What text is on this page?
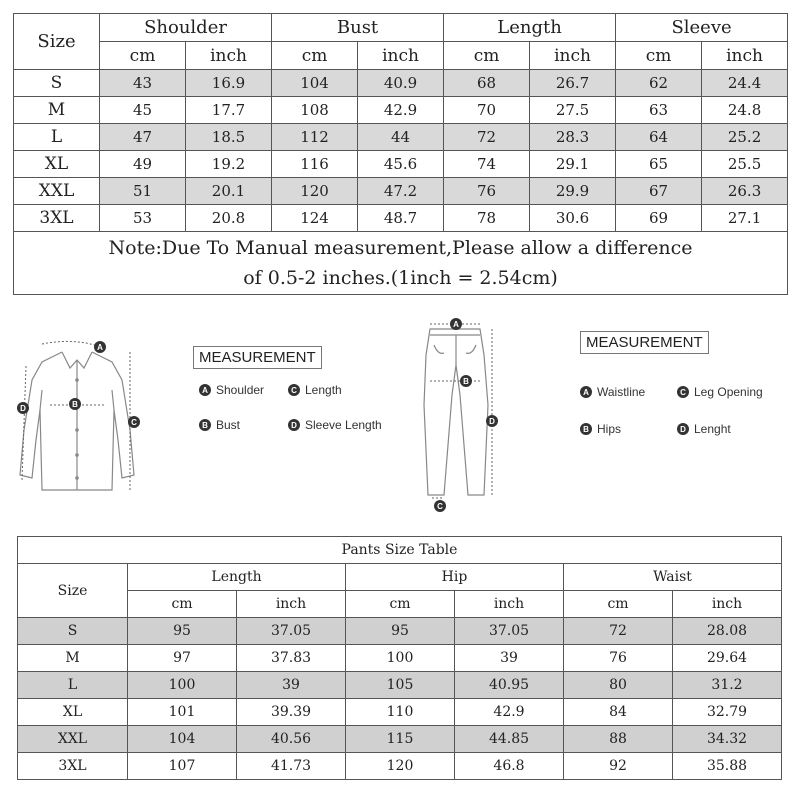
Size	Shoulder		Bust		Length		Sleeve	
	cm	inch	cm	inch	cm	inch	cm	inch
S	43	16.9	104	40.9	68	26.7	62	24.4
M	45	17.7	108	42.9	70	27.5	63	24.8
L	47	18.5	112	44	72	28.3	64	25.2
XL	49	19.2	116	45.6	74	29.1	65	25.5
XXL	51	20.1	120	47.2	76	29.9	67	26.3
3XL	53	20.8	124	48.7	78	30.6	69	27.1

Note:Due To Manual measurement,Please allow a difference
of 0.5-2 inches.(1inch = 2.54cm)								
A
B
C
D
MEASUREMENT
A Shoulder
B Bust
C Length
D Sleeve Length
A
B
C
D
MEASUREMENT
A Waistline
B Hips
C Leg Opening
D Lenght
Pants Size Table						
Size	Length		Hip		Waist	
	cm	inch	cm	inch	cm	inch
S	95	37.05	95	37.05	72	28.08
M	97	37.83	100	39	76	29.64
L	100	39	105	40.95	80	31.2
XL	101	39.39	110	42.9	84	32.79
XXL	104	40.56	115	44.85	88	34.32
3XL	107	41.73	120	46.8	92	35.88
